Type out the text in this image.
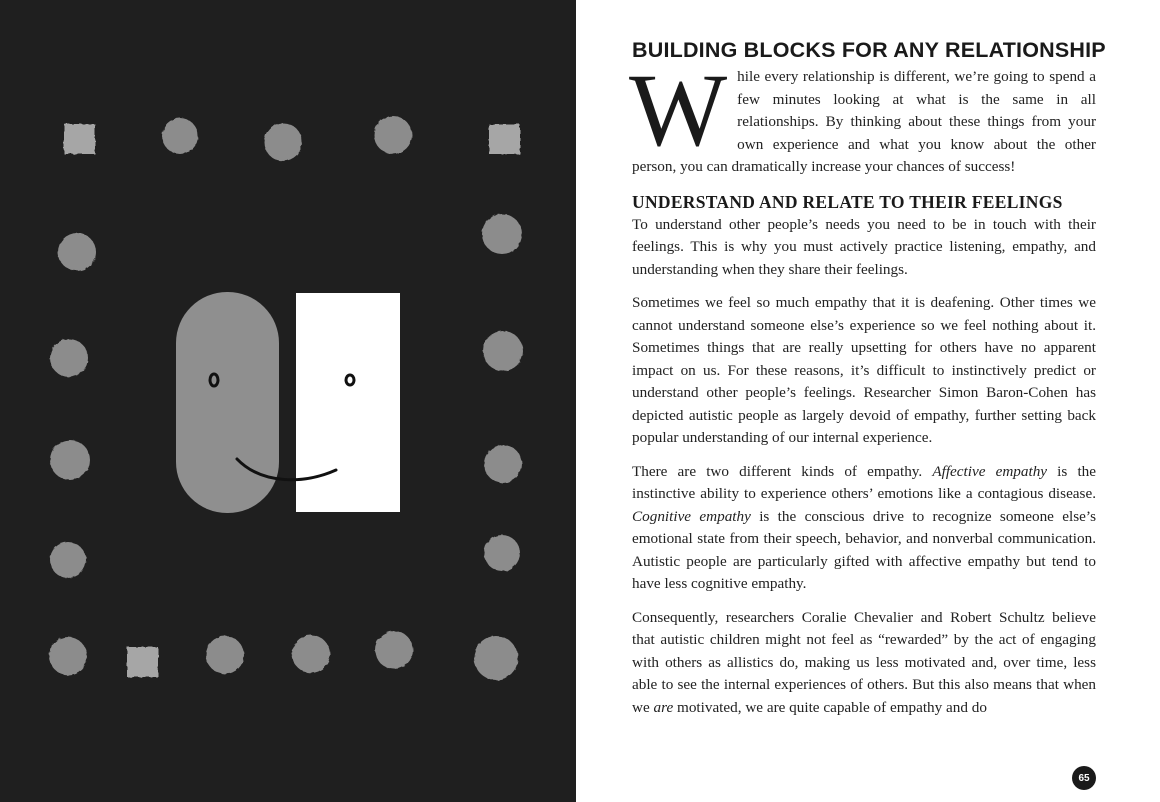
BUILDING BLOCKS FOR ANY RELATIONSHIP

While every relationship is different, we’re going to spend a few minutes looking at what is the same in all relationships. By thinking about these things from your own experience and what you know about the other person, you can dramatically increase your chances of success!

UNDERSTAND AND RELATE TO THEIR FEELINGS

To understand other people’s needs you need to be in touch with their feelings. This is why you must actively practice listening, empathy, and understanding when they share their feelings.

Sometimes we feel so much empathy that it is deafening. Other times we cannot understand someone else’s experience so we feel nothing about it. Sometimes things that are really upsetting for others have no apparent impact on us. For these reasons, it’s difficult to instinctively predict or understand other people’s feelings. Researcher Simon Baron-Cohen has depicted autistic people as largely devoid of empathy, further setting back popular understanding of our internal experience.

There are two different kinds of empathy. Affective empathy is the instinctive ability to experience others’ emotions like a contagious disease. Cognitive empathy is the conscious drive to recognize someone else’s emotional state from their speech, behavior, and nonverbal communication. Autistic people are particularly gifted with affective empathy but tend to have less cognitive empathy.

Consequently, researchers Coralie Chevalier and Robert Schultz believe that autistic children might not feel as “rewarded” by the act of engaging with others as allistics do, making us less motivated and, over time, less able to see the internal experiences of others. But this also means that when we are motivated, we are quite capable of empathy and do

65
